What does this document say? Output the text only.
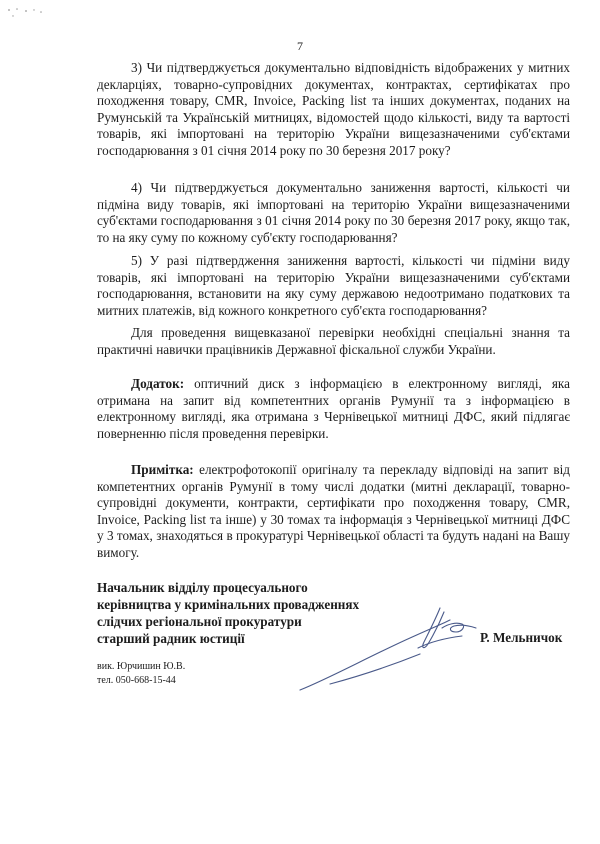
7

3) Чи підтверджується документально відповідність відображених у митних декларціях, товарно-супровідних документах, контрактах, сертифікатах про походження товару, CMR, Invoice, Packing list та інших документах, поданих на Румунській та Українській митницях, відомостей щодо кількості, виду та вартості товарів, які імпортовані на територію України вищезазначеними суб'єктами господарювання з 01 січня 2014 року по 30 березня 2017 року?

4) Чи підтверджується документально заниження вартості, кількості чи підміна виду товарів, які імпортовані на територію України вищезазначеними суб'єктами господарювання з 01 січня 2014 року по 30 березня 2017 року, якщо так, то на яку суму по кожному суб'єкту господарювання?

5) У разі підтвердження заниження вартості, кількості чи підміни виду товарів, які імпортовані на територію України вищезазначеними суб'єктами господарювання, встановити на яку суму державою недоотримано податкових та митних платежів, від кожного конкретного суб'єкта господарювання?

Для проведення вищевказаної перевірки необхідні спеціальні знання та практичні навички працівників Державної фіскальної служби України.

Додаток: оптичний диск з інформацією в електронному вигляді, яка отримана на запит від компетентних органів Румунії та з інформацією в електронному вигляді, яка отримана з Чернівецької митниці ДФС, який підлягає поверненню після проведення перевірки.

Примітка: електрофотокопії оригіналу та перекладу відповіді на запит від компетентних органів Румунії в тому числі додатки (митні декларації, товарно-супровідні документи, контракти, сертифікати про походження товару, CMR, Invoice, Packing list та інше) у 30 томах та інформація з Чернівецької митниці ДФС у 3 томах, знаходяться в прокуратурі Чернівецької області та будуть надані на Вашу вимогу.

Начальник відділу процесуального
керівництва у кримінальних провадженнях
слідчих регіональної прокуратури
старший радник юстиції	Р. Мельничок
вик. Юрчишин Ю.В.
тел. 050-668-15-44
